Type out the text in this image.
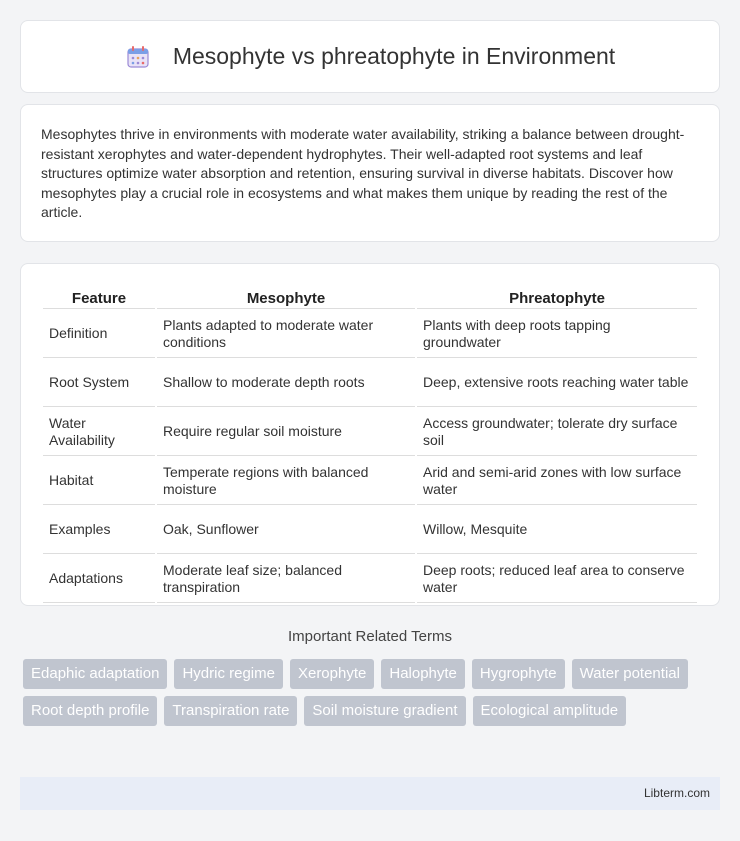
Mesophyte vs phreatophyte in Environment

Mesophytes thrive in environments with moderate water availability, striking a balance between drought-resistant xerophytes and water-dependent hydrophytes. Their well-adapted root systems and leaf structures optimize water absorption and retention, ensuring survival in diverse habitats. Discover how mesophytes play a crucial role in ecosystems and what makes them unique by reading the rest of the article.

Feature	Mesophyte	Phreatophyte
Definition	Plants adapted to moderate water conditions	Plants with deep roots tapping groundwater
Root System	Shallow to moderate depth roots	Deep, extensive roots reaching water table
Water Availability	Require regular soil moisture	Access groundwater; tolerate dry surface soil
Habitat	Temperate regions with balanced moisture	Arid and semi-arid zones with low surface water
Examples	Oak, Sunflower	Willow, Mesquite
Adaptations	Moderate leaf size; balanced transpiration	Deep roots; reduced leaf area to conserve water
Important Related Terms
Edaphic adaptation	Hydric regime	Xerophyte	Halophyte	Hygrophyte	Water potential
Root depth profile	Transpiration rate	Soil moisture gradient	Ecological amplitude
Libterm.com
